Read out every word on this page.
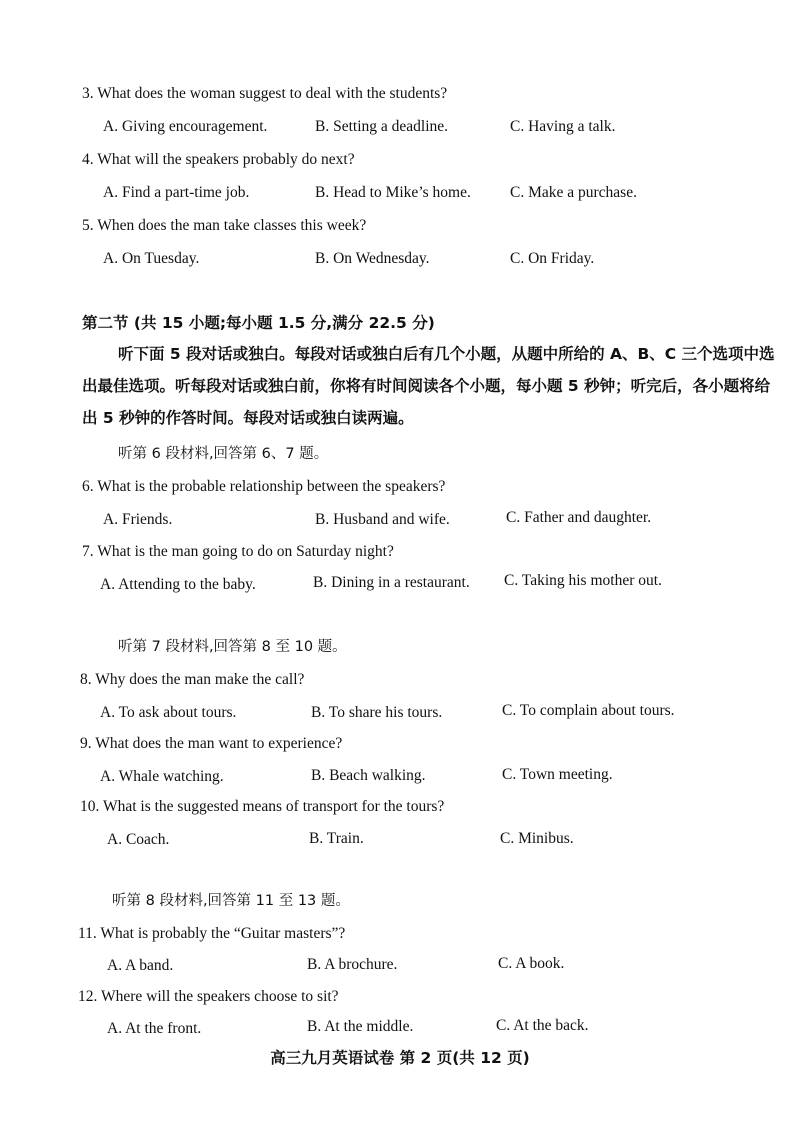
3. What does the woman suggest to deal with the students?
A. Giving encouragement.	B. Setting a deadline.	C. Having a talk.
4. What will the speakers probably do next?
A. Find a part-time job.	B. Head to Mike’s home.	C. Make a purchase.
5. When does the man take classes this week?
A. On Tuesday.	B. On Wednesday.	C. On Friday.
第二节 (共 15 小题;每小题 1.5 分,满分 22.5 分)
听下面 5 段对话或独白。每段对话或独白后有几个小题，从题中所给的 A、B、C 三个选项中选出最佳选项。听每段对话或独白前，你将有时间阅读各个小题，每小题 5 秒钟；听完后，各小题将给出 5 秒钟的作答时间。每段对话或独白读两遍。
听第 6 段材料,回答第 6、7 题。
6. What is the probable relationship between the speakers?
A. Friends.	B. Husband and wife.	C. Father and daughter.
7. What is the man going to do on Saturday night?
A. Attending to the baby.	B. Dining in a restaurant. C. Taking his mother out.
听第 7 段材料,回答第 8 至 10 题。
8. Why does the man make the call?
A. To ask about tours.	B. To share his tours.	C. To complain about tours.
9. What does the man want to experience?
A. Whale watching.	B. Beach walking.	C. Town meeting.
10. What is the suggested means of transport for the tours?
A. Coach.	B. Train.	C. Minibus.
听第 8 段材料,回答第 11 至 13 题。
11. What is probably the “Guitar masters”?
A. A band.	B. A brochure.	C. A book.
12. Where will the speakers choose to sit?
A. At the front.	B. At the middle.	C. At the back.
高三九月英语试卷 第 2 页(共 12 页)
